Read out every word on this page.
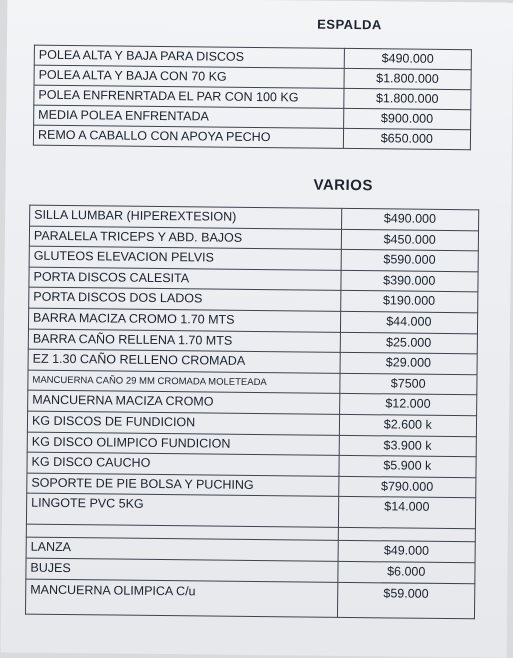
ESPALDA
POLEA ALTA Y BAJA PARA DISCOS	$490.000
POLEA ALTA Y BAJA CON 70 KG	$1.800.000
POLEA ENFRENRTADA EL PAR CON 100 KG	$1.800.000
MEDIA POLEA ENFRENTADA	$900.000
REMO A CABALLO CON APOYA PECHO	$650.000
VARIOS
SILLA LUMBAR (HIPEREXTESION)	$490.000
PARALELA TRICEPS Y ABD. BAJOS	$450.000
GLUTEOS ELEVACION PELVIS	$590.000
PORTA DISCOS CALESITA	$390.000
PORTA DISCOS DOS LADOS	$190.000
BARRA MACIZA CROMO 1.70 MTS	$44.000
BARRA CAÑO RELLENA 1.70 MTS	$25.000
EZ 1.30 CAÑO RELLENO CROMADA	$29.000
MANCUERNA CAÑO 29 MM CROMADA MOLETEADA	$7500
MANCUERNA MACIZA CROMO	$12.000
KG DISCOS DE FUNDICION	$2.600 k
KG DISCO OLIMPICO FUNDICION	$3.900 k
KG DISCO CAUCHO	$5.900 k
SOPORTE DE PIE BOLSA Y PUCHING	$790.000
LINGOTE PVC 5KG	$14.000

LANZA	$49.000
BUJES	$6.000
MANCUERNA OLIMPICA C/u	$59.000
